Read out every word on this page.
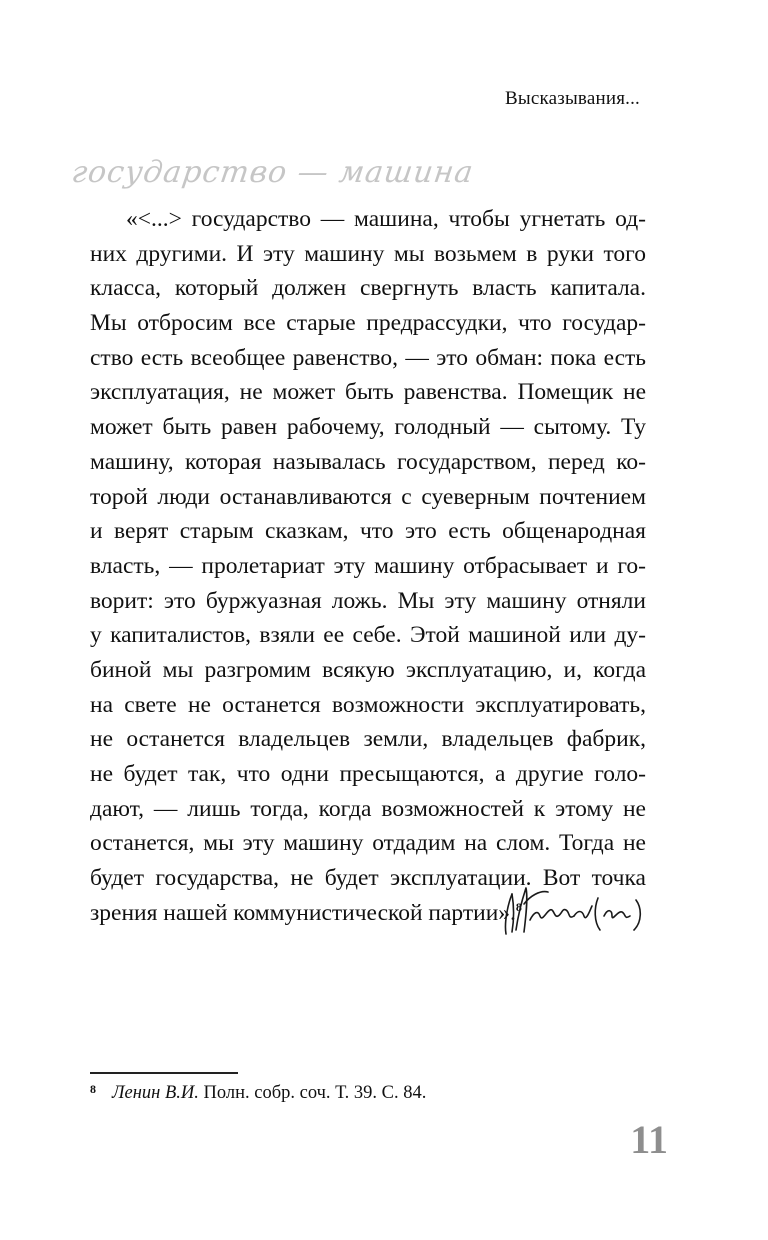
Высказывания...
государство — машина
«<...> государство — машина, чтобы угнетать од-
них другими. И эту машину мы возьмем в руки того
класса, который должен свергнуть власть капитала.
Мы отбросим все старые предрассудки, что государ-
ство есть всеобщее равенство, — это обман: пока есть
эксплуатация, не может быть равенства. Помещик не
может быть равен рабочему, голодный — сытому. Ту
машину, которая называлась государством, перед ко-
торой люди останавливаются с суеверным почтением
и верят старым сказкам, что это есть общенародная
власть, — пролетариат эту машину отбрасывает и го-
ворит: это буржуазная ложь. Мы эту машину отняли
у капиталистов, взяли ее себе. Этой машиной или ду-
биной мы разгромим всякую эксплуатацию, и, когда
на свете не останется возможности эксплуатировать,
не останется владельцев земли, владельцев фабрик,
не будет так, что одни пресыщаются, а другие голо-
дают, — лишь тогда, когда возможностей к этому не
останется, мы эту машину отдадим на слом. Тогда не
будет государства, не будет эксплуатации. Вот точка
зрения нашей коммунистической партии».$^8$
8 Ленин В.И. Полн. собр. соч. Т. 39. С. 84.
11
